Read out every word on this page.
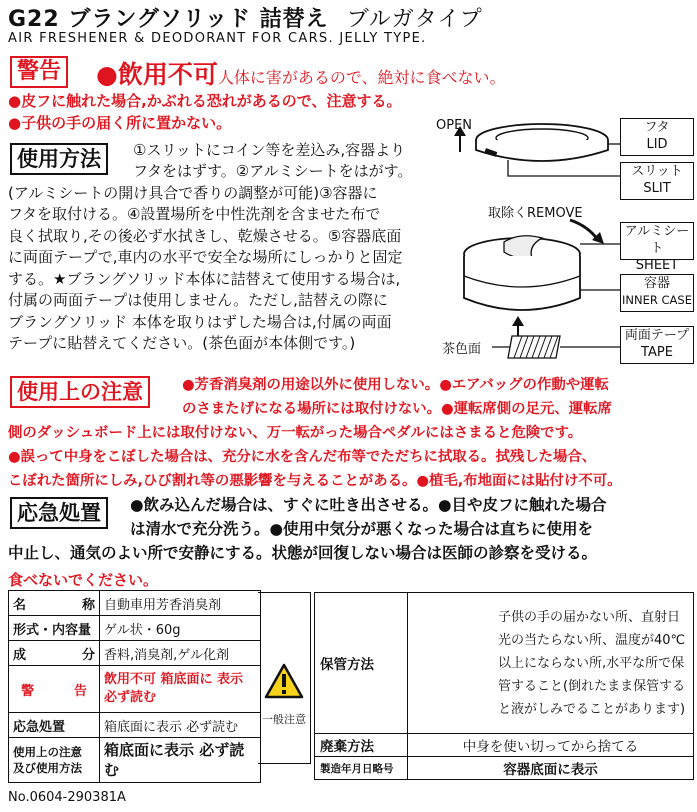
G22 ブラングソリッド 詰替え ブルガタイプ
AIR FRESHENER & DEODORANT FOR CARS. JELLY TYPE.
警告 ●飲用不可人体に害があるので、絶対に食べない。
●皮フに触れた場合,かぶれる恐れがあるので、注意する。
●子供の手の届く所に置かない。
使用方法	①スリットにコイン等を差込み,容器より
フタをはずす。②アルミシートをはがす。
(アルミシートの開け具合で香りの調整が可能)③容器に
フタを取付ける。④設置場所を中性洗剤を含ませた布で
良く拭取り,その後必ず水拭きし、乾燥させる。⑤容器底面
に両面テープで,車内の水平で安全な場所にしっかりと固定
する。★ブラングソリッド本体に詰替えて使用する場合は,
付属の両面テープは使用しません。ただし,詰替えの際に
ブラングソリッド 本体を取りはずした場合は,付属の両面
テープに貼替えてください。(茶色面が本体側です。)
OPEN
取除くREMOVE
茶色面
フタ
LID
スリット
SLIT
アルミシート
SHEET
容器
INNER CASE
両面テープ
TAPE
使用上の注意	●芳香消臭剤の用途以外に使用しない。●エアバッグの作動や運転
のさまたげになる場所には取付けない。●運転席側の足元、運転席
側のダッシュボード上には取付けない、万一転がった場合ペダルにはさまると危険です。
●誤って中身をこぼした場合は、充分に水を含んだ布等でただちに拭取る。拭残した場合、
こぼれた箇所にしみ,ひび割れ等の悪影響を与えることがある。●植毛,布地面には貼付け不可。
応急処置	●飲み込んだ場合は、すぐに吐き出させる。●目や皮フに触れた場合
は清水で充分洗う。●使用中気分が悪くなった場合は直ちに使用を
中止し、通気のよい所で安静にする。状態が回復しない場合は医師の診察を受ける。
食べないでください。
名 称	自動車用芳香消臭剤
形式・内容量	ゲル状・60g

成 分	香料,消臭剤,ゲル化剤

警 告	飲用不可 箱底面に 表示 必ず読む
応急処置	箱底面に表示 必ず読む
使用上の注意 及び使用方法	箱底面に表示 必ず読む
一般注意
保管方法	子供の手の届かない所、直射日光の当たらない所、温度が40℃以上にならない所,水平な所で保管すること(倒れたまま保管すると液がしみでることがあります)
廃棄方法	中身を使い切ってから捨てる
製造年月日略号	容器底面に表示
No.0604-290381A
